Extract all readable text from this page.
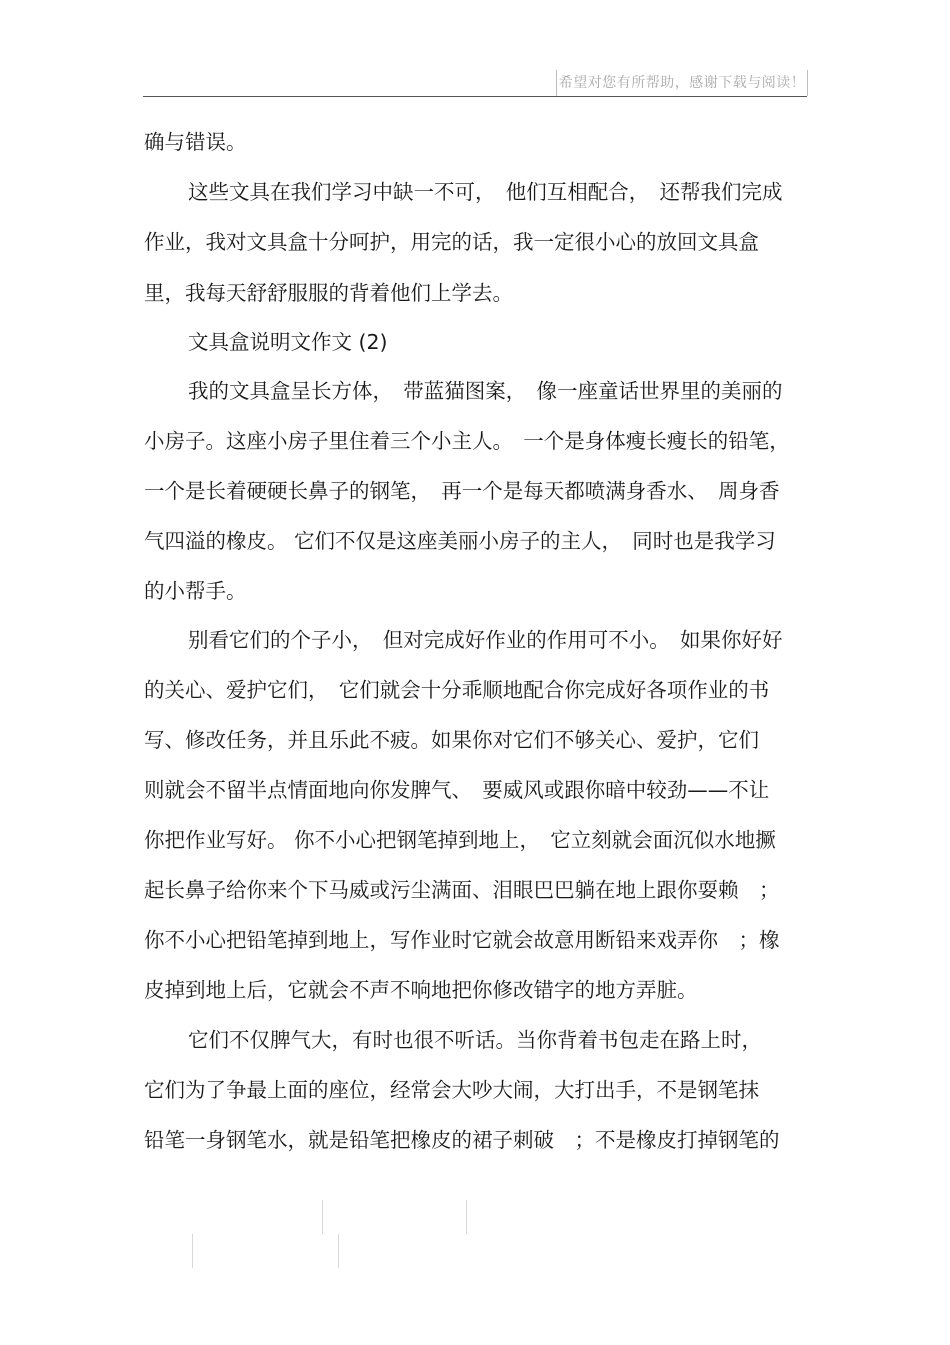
希望对您有所帮助，感谢下载与阅读！
确与错误。
这些文具在我们学习中缺一不可，　他们互相配合，　还帮我们完成
作业，我对文具盒十分呵护，用完的话，我一定很小心的放回文具盒
里，我每天舒舒服服的背着他们上学去。
文具盒说明文作文 (2)
我的文具盒呈长方体，　带蓝猫图案，　像一座童话世界里的美丽的
小房子。这座小房子里住着三个小主人。　一个是身体瘦长瘦长的铅笔，
一个是长着硬硬长鼻子的钢笔，　再一个是每天都喷满身香水、　周身香
气四溢的橡皮。 它们不仅是这座美丽小房子的主人，　同时也是我学习
的小帮手。
别看它们的个子小，　但对完成好作业的作用可不小。　如果你好好
的关心、爱护它们，　它们就会十分乖顺地配合你完成好各项作业的书
写、修改任务，并且乐此不疲。如果你对它们不够关心、爱护，它们
则就会不留半点情面地向你发脾气、　要威风或跟你暗中较劲——不让
你把作业写好。 你不小心把钢笔掉到地上，　它立刻就会面沉似水地撅
起长鼻子给你来个下马威或污尘满面、泪眼巴巴躺在地上跟你耍赖　；
你不小心把铅笔掉到地上，写作业时它就会故意用断铅来戏弄你　；橡
皮掉到地上后，它就会不声不响地把你修改错字的地方弄脏。
它们不仅脾气大，有时也很不听话。当你背着书包走在路上时，
它们为了争最上面的座位，经常会大吵大闹，大打出手，不是钢笔抹
铅笔一身钢笔水，就是铅笔把橡皮的裙子刺破　；不是橡皮打掉钢笔的
